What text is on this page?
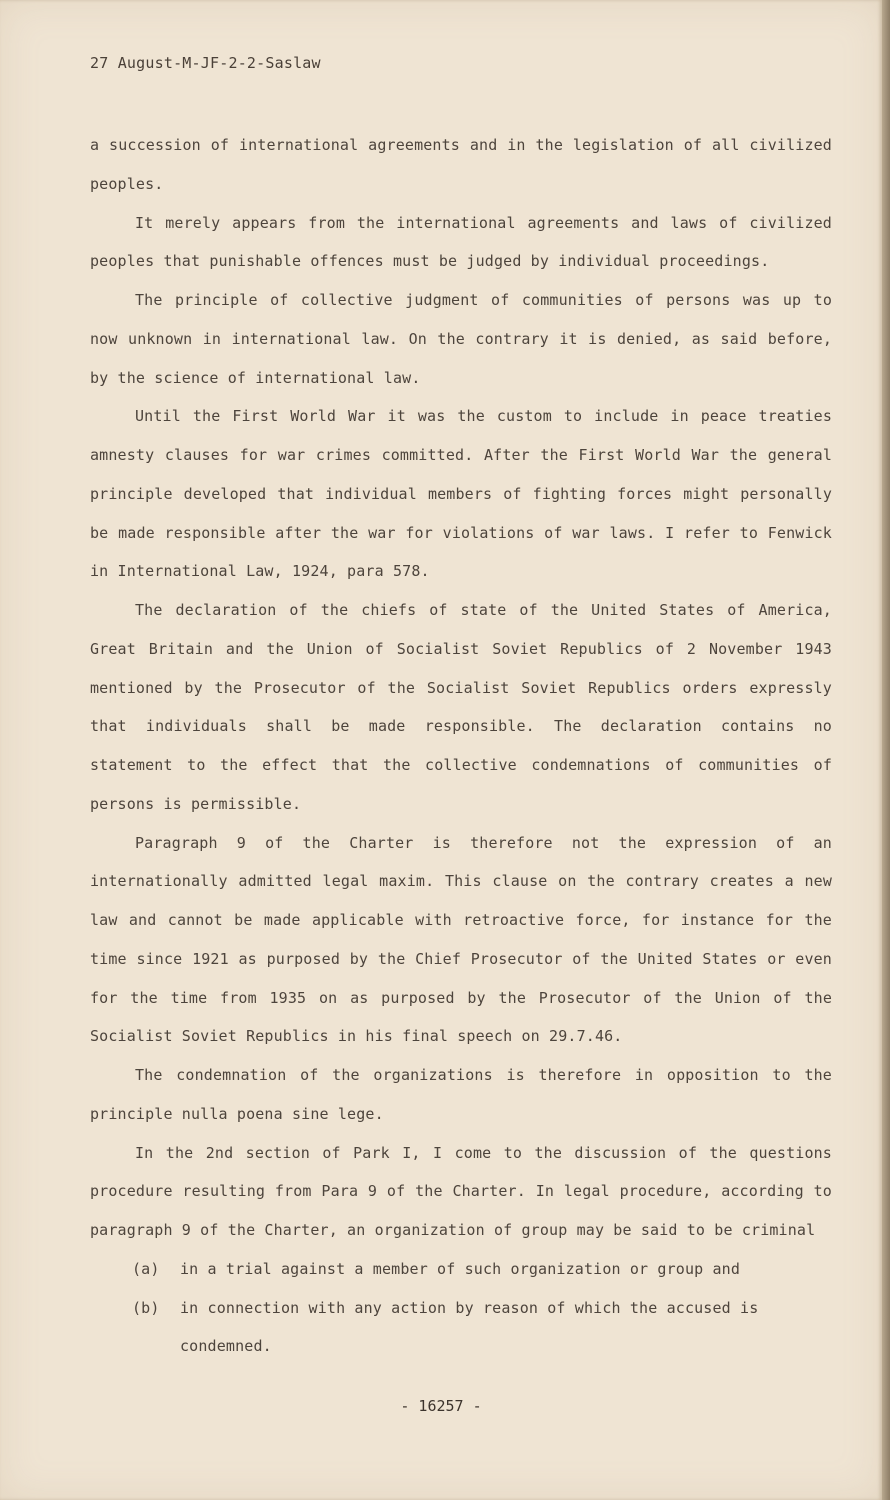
27 August-M-JF-2-2-Saslaw

a succession of international agreements and in the legislation of all civilized peoples.

It merely appears from the international agreements and laws of civilized peoples that punishable offences must be judged by individual proceedings.

The principle of collective judgment of communities of persons was up to now unknown in international law. On the contrary it is denied, as said before, by the science of international law.

Until the First World War it was the custom to include in peace treaties amnesty clauses for war crimes committed. After the First World War the general principle developed that individual members of fighting forces might personally be made responsible after the war for violations of war laws. I refer to Fenwick in International Law, 1924, para 578.

The declaration of the chiefs of state of the United States of America, Great Britain and the Union of Socialist Soviet Republics of 2 November 1943 mentioned by the Prosecutor of the Socialist Soviet Republics orders expressly that individuals shall be made responsible. The declaration contains no statement to the effect that the collective condemnations of communities of persons is permissible.

Paragraph 9 of the Charter is therefore not the expression of an internationally admitted legal maxim. This clause on the contrary creates a new law and cannot be made applicable with retroactive force, for instance for the time since 1921 as purposed by the Chief Prosecutor of the United States or even for the time from 1935 on as purposed by the Prosecutor of the Union of the Socialist Soviet Republics in his final speech on 29.7.46.

The condemnation of the organizations is therefore in opposition to the principle nulla poena sine lege.

In the 2nd section of Park I, I come to the discussion of the questions procedure resulting from Para 9 of the Charter. In legal procedure, according to paragraph 9 of the Charter, an organization of group may be said to be criminal

(a)	in a trial against a member of such organization or group and
(b)	in connection with any action by reason of which the accused is condemned.
- 16257 -
